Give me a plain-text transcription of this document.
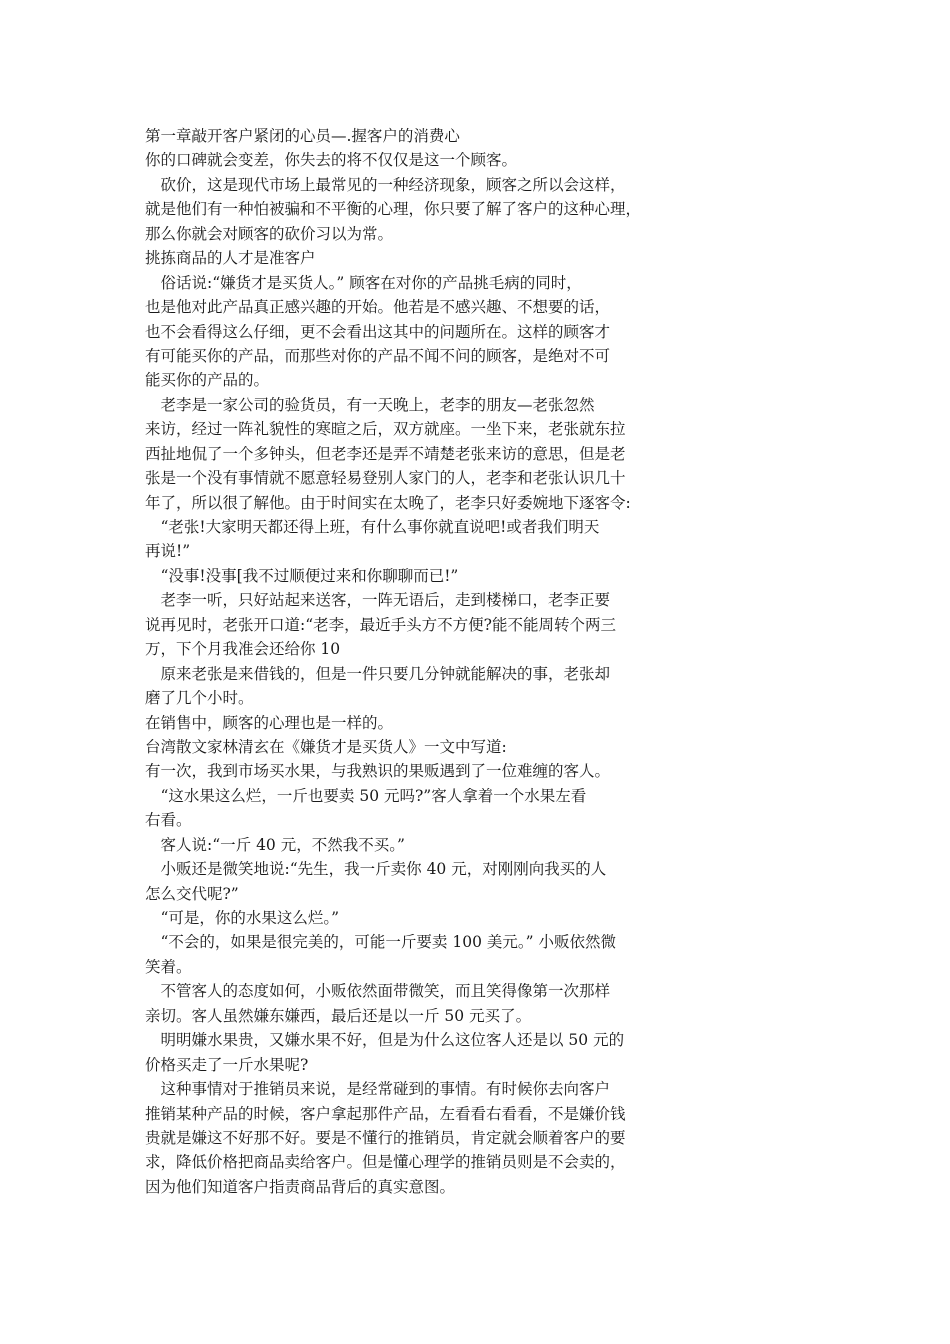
第一章敲开客户紧闭的心员—.握客户的消费心
你的口碑就会变差，你失去的将不仅仅是这一个顾客。
　砍价，这是现代市场上最常见的一种经济现象，顾客之所以会这样，
就是他们有一种怕被骗和不平衡的心理，你只要了解了客户的这种心理，
那么你就会对顾客的砍价习以为常。
挑拣商品的人才是准客户
　俗话说:“嫌货才是买货人。” 顾客在对你的产品挑毛病的同时，
也是他对此产品真正感兴趣的开始。他若是不感兴趣、不想要的话，
也不会看得这么仔细，更不会看出这其中的问题所在。这样的顾客才
有可能买你的产品，而那些对你的产品不闻不问的顾客，是绝对不可
能买你的产品的。
　老李是一家公司的验货员，有一天晚上，老李的朋友—老张忽然
来访，经过一阵礼貌性的寒暄之后，双方就座。一坐下来，老张就东拉
西扯地侃了一个多钟头，但老李还是弄不靖楚老张来访的意思，但是老
张是一个没有事情就不愿意轻易登别人家门的人，老李和老张认识几十
年了，所以很了解他。由于时间实在太晚了，老李只好委婉地下逐客令:
　“老张!大家明天都还得上班，有什么事你就直说吧!或者我们明天
再说!”
　“没事!没事[我不过顺便过来和你聊聊而已!”
　老李一听，只好站起来送客，一阵无语后，走到楼梯口，老李正要
说再见时，老张开口道:“老李，最近手头方不方便?能不能周转个两三
万，下个月我准会还给你 10
　原来老张是来借钱的，但是一件只要几分钟就能解决的事，老张却
磨了几个小时。
在销售中，顾客的心理也是一样的。
台湾散文家林清玄在《嫌货才是买货人》一文中写道:
有一次，我到市场买水果，与我熟识的果贩遇到了一位难缠的客人。
　“这水果这么烂，一斤也要卖 50 元吗?”客人拿着一个水果左看
右看。
　客人说:“一斤 40 元，不然我不买。”
　小贩还是微笑地说:“先生，我一斤卖你 40 元，对刚刚向我买的人
怎么交代呢?”
　“可是，你的水果这么烂。”
　“不会的，如果是很完美的，可能一斤要卖 100 美元。” 小贩依然微
笑着。
　不管客人的态度如何，小贩依然面带微笑，而且笑得像第一次那样
亲切。客人虽然嫌东嫌西，最后还是以一斤 50 元买了。
　明明嫌水果贵，又嫌水果不好，但是为什么这位客人还是以 50 元的
价格买走了一斤水果呢?
　这种事情对于推销员来说，是经常碰到的事情。有时候你去向客户
推销某种产品的时候，客户拿起那件产品，左看看右看看，不是嫌价钱
贵就是嫌这不好那不好。要是不懂行的推销员，肯定就会顺着客户的要
求，降低价格把商品卖给客户。但是懂心理学的推销员则是不会卖的，
因为他们知道客户指责商品背后的真实意图。
